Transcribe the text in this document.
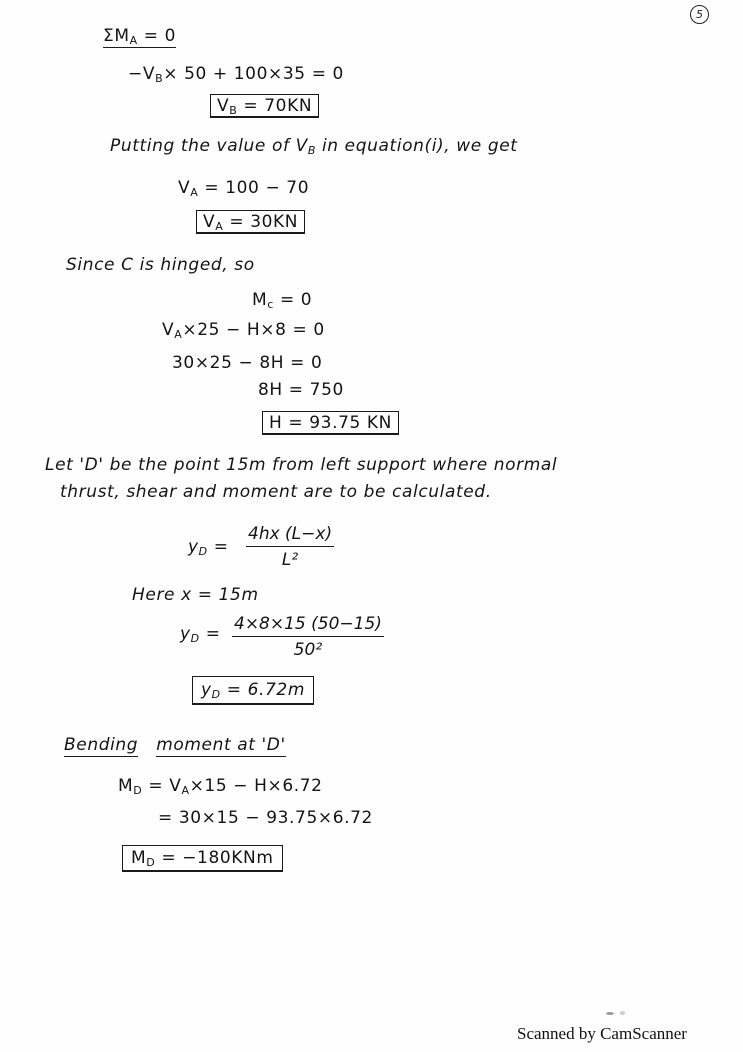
5
$\Sigma M_A = 0$
$-V_B\times 50 + 100\times 35 = 0$
$V_B = 70KN$
Putting the value of $V_B$ in equation(i), we get
$V_A = 100 - 70$
$V_A = 30KN$
Since C is hinged, so
$M_c = 0$
$V_A\times 25 - H\times 8 = 0$
30×25 − 8H = 0
8H = 750
H = 93.75 KN
Let 'D' be the point 15m from left support where normal
thrust, shear and moment are to be calculated.
$y_D = \frac{4hx (L-x)}{\text{L²}}$
Here x = 15m
$y_D = \frac{4\times 8\times 15 (50-15)}{\text{50²}}$
$y_D = 6.72m$
Bending moment at 'D'
$M_D = V_A\times 15 - H\times 6.72$
= 30×15 − 93.75×6.72
$M_D = -180KNm$
Scanned by CamScanner
